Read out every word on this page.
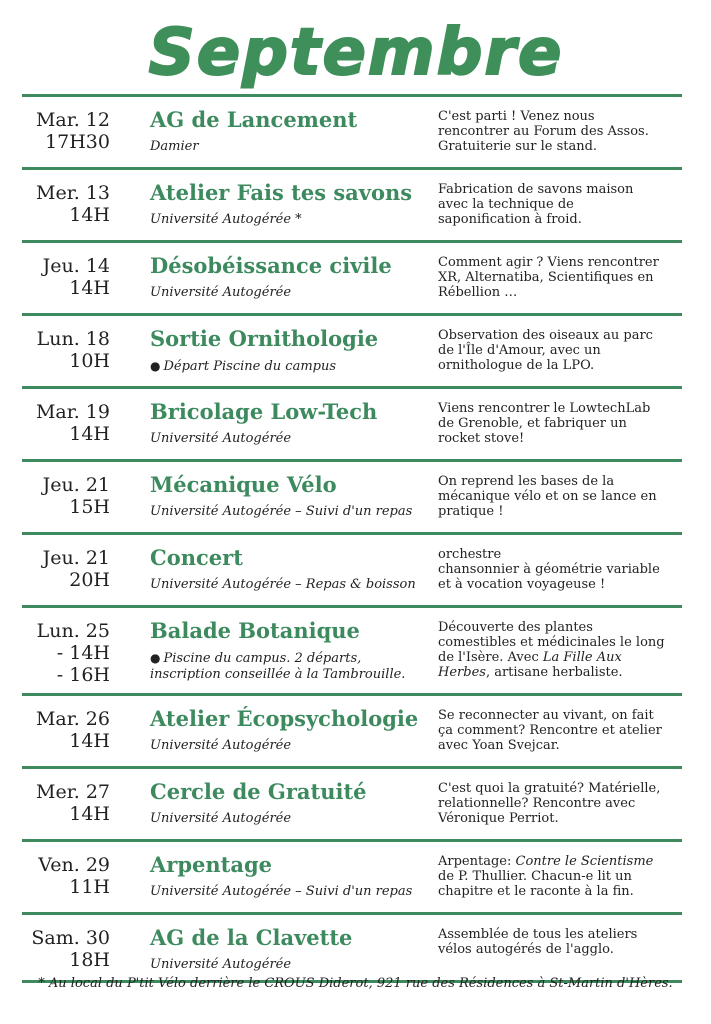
Septembre
Mar. 12
17H30
AG de Lancement
Damier
C'est parti ! Venez nous
rencontrer au Forum des Assos.
Gratuiterie sur le stand.
Mer. 13
14H
Atelier Fais tes savons
Université Autogérée *
Fabrication de savons maison
avec la technique de
saponification à froid.
Jeu. 14
14H
Désobéissance civile
Université Autogérée
Comment agir ? Viens rencontrer
XR, Alternatiba, Scientifiques en
Rébellion …
Lun. 18
10H
Sortie Ornithologie
● Départ Piscine du campus
Observation des oiseaux au parc
de l'Île d'Amour, avec un
ornithologue de la LPO.
Mar. 19
14H
Bricolage Low-Tech
Université Autogérée
Viens rencontrer le LowtechLab
de Grenoble, et fabriquer un
rocket stove!
Jeu. 21
15H
Mécanique Vélo
Université Autogérée – Suivi d'un repas
On reprend les bases de la
mécanique vélo et on se lance en
pratique !
Jeu. 21
20H
Concert
Université Autogérée – Repas & boisson
orchestre
chansonnier à géométrie variable
et à vocation voyageuse !
Lun. 25
- 14H
- 16H
Balade Botanique
● Piscine du campus. 2 départs,
inscription conseillée à la Tambrouille.
Découverte des plantes
comestibles et médicinales le long
de l'Isère. Avec La Fille Aux
Herbes, artisane herbaliste.
Mar. 26
14H
Atelier Écopsychologie
Université Autogérée
Se reconnecter au vivant, on fait
ça comment? Rencontre et atelier
avec Yoan Svejcar.
Mer. 27
14H
Cercle de Gratuité
Université Autogérée
C'est quoi la gratuité? Matérielle,
relationnelle? Rencontre avec
Véronique Perriot.
Ven. 29
11H
Arpentage
Université Autogérée – Suivi d'un repas
Arpentage: Contre le Scientisme
de P. Thullier. Chacun-e lit un
chapitre et le raconte à la fin.
Sam. 30
18H
AG de la Clavette
Université Autogérée
Assemblée de tous les ateliers
vélos autogérés de l'agglo.
* Au local du P'tit Vélo derrière le CROUS Diderot, 921 rue des Résidences à St-Martin d'Hères.
